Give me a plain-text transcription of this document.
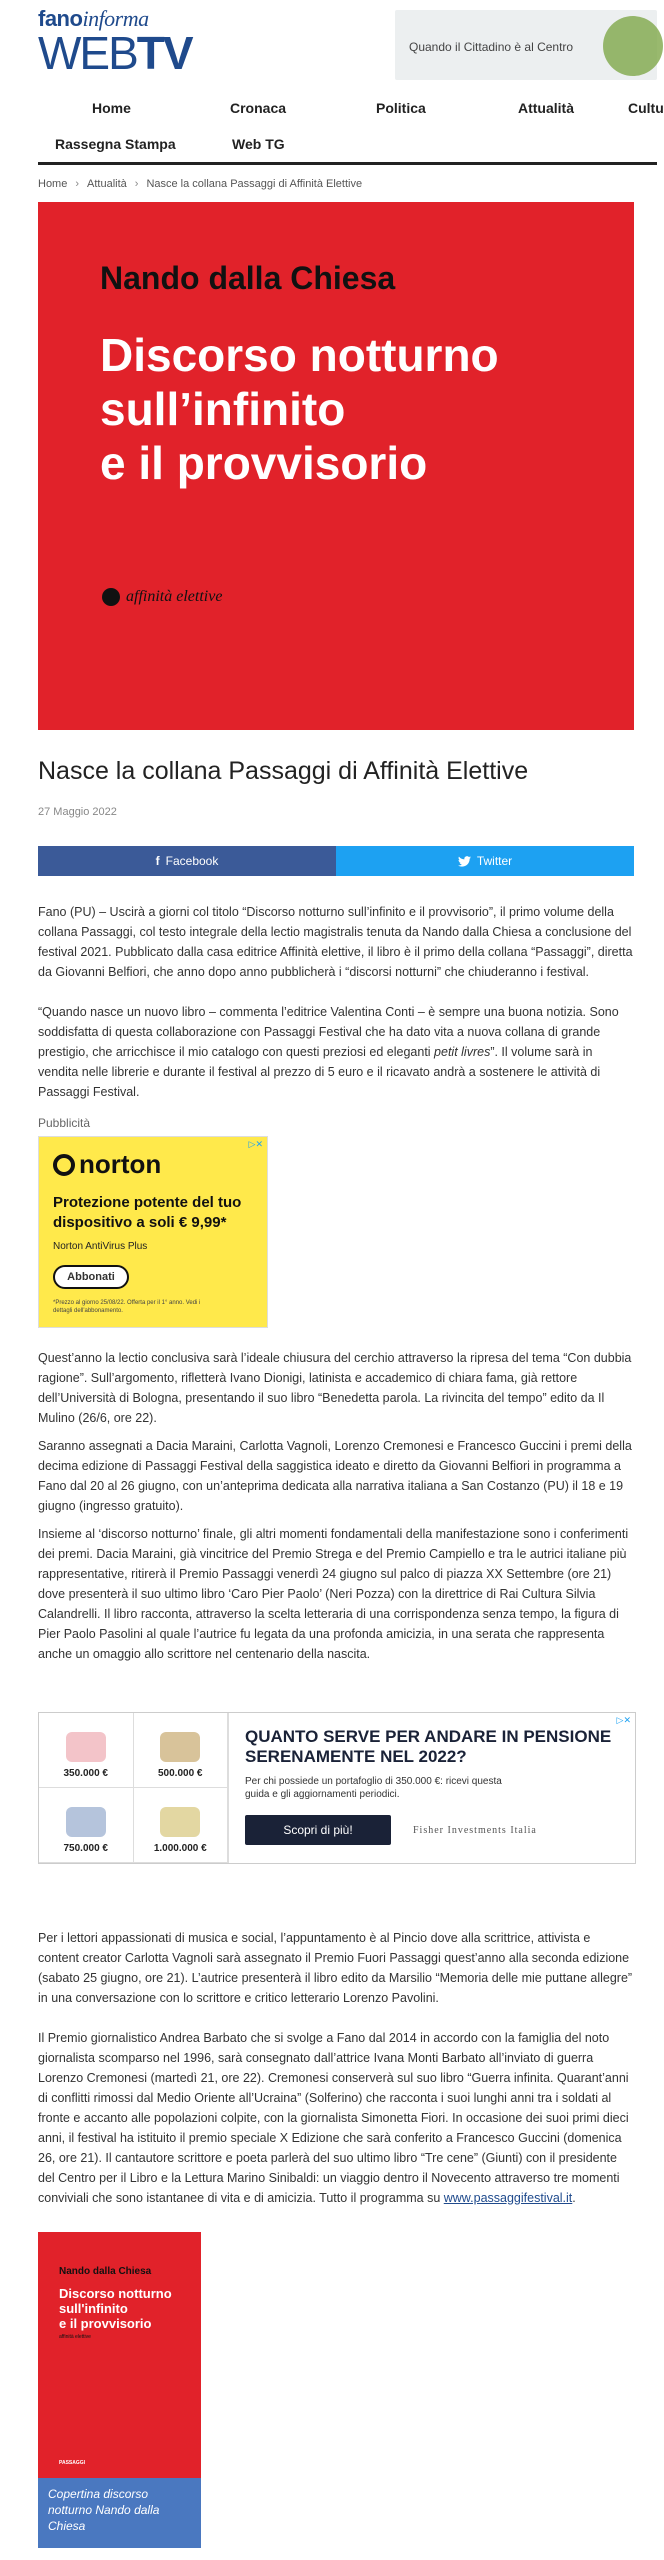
fanoinforma
WEBTV	Quando il Cittadino è al Centro
Home	Cronaca	Politica	Attualità	Cultu
Rassegna Stampa	Web TG
Home › Attualità › Nasce la collana Passaggi di Affinità Elettive
Nando dalla Chiesa
Discorso notturno
sull’infinito
e il provvisorio
affinità elettive
Nasce la collana Passaggi di Affinità Elettive
27 Maggio 2022
f Facebook	Twitter

Fano (PU) – Uscirà a giorni col titolo “Discorso notturno sull’infinito e il provvisorio”, il primo volume della collana Passaggi, col testo integrale della lectio magistralis tenuta da Nando dalla Chiesa a conclusione del festival 2021. Pubblicato dalla casa editrice Affinità elettive, il libro è il primo della collana “Passaggi”, diretta da Giovanni Belfiori, che anno dopo anno pubblicherà i “discorsi notturni” che chiuderanno i festival.

“Quando nasce un nuovo libro – commenta l’editrice Valentina Conti – è sempre una buona notizia. Sono soddisfatta di questa collaborazione con Passaggi Festival che ha dato vita a nuova collana di grande prestigio, che arricchisce il mio catalogo con questi preziosi ed eleganti petit livres”. Il volume sarà in vendita nelle librerie e durante il festival al prezzo di 5 euro e il ricavato andrà a sostenere le attività di Passaggi Festival.

Pubblicità
▷✕
norton
Protezione potente del tuo dispositivo a soli € 9,99*
Norton AntiVirus Plus
Abbonati
*Prezzo al giorno 25/08/22. Offerta per il 1° anno. Vedi i dettagli dell'abbonamento.

Quest’anno la lectio conclusiva sarà l’ideale chiusura del cerchio attraverso la ripresa del tema “Con dubbia ragione”. Sull’argomento, rifletterà Ivano Dionigi, latinista e accademico di chiara fama, già rettore dell’Università di Bologna, presentando il suo libro “Benedetta parola. La rivincita del tempo” edito da Il Mulino (26/6, ore 22).

Saranno assegnati a Dacia Maraini, Carlotta Vagnoli, Lorenzo Cremonesi e Francesco Guccini i premi della decima edizione di Passaggi Festival della saggistica ideato e diretto da Giovanni Belfiori in programma a Fano dal 20 al 26 giugno, con un’anteprima dedicata alla narrativa italiana a San Costanzo (PU) il 18 e 19 giugno (ingresso gratuito).

Insieme al ‘discorso notturno’ finale, gli altri momenti fondamentali della manifestazione sono i conferimenti dei premi. Dacia Maraini, già vincitrice del Premio Strega e del Premio Campiello e tra le autrici italiane più rappresentative, ritirerà il Premio Passaggi venerdì 24 giugno sul palco di piazza XX Settembre (ore 21) dove presenterà il suo ultimo libro ‘Caro Pier Paolo’ (Neri Pozza) con la direttrice di Rai Cultura Silvia Calandrelli. Il libro racconta, attraverso la scelta letteraria di una corrispondenza senza tempo, la figura di Pier Paolo Pasolini al quale l’autrice fu legata da una profonda amicizia, in una serata che rappresenta anche un omaggio allo scrittore nel centenario della nascita.

▷✕
350.000 €	500.000 €
750.000 €	1.000.000 €
QUANTO SERVE PER ANDARE IN PENSIONE SERENAMENTE NEL 2022?
Per chi possiede un portafoglio di 350.000 €: ricevi questa guida e gli aggiornamenti periodici.
Scopri di più!	Fisher Investments Italia

Per i lettori appassionati di musica e social, l’appuntamento è al Pincio dove alla scrittrice, attivista e content creator Carlotta Vagnoli sarà assegnato il Premio Fuori Passaggi quest’anno alla seconda edizione (sabato 25 giugno, ore 21). L’autrice presenterà il libro edito da Marsilio “Memoria delle mie puttane allegre” in una conversazione con lo scrittore e critico letterario Lorenzo Pavolini.

Il Premio giornalistico Andrea Barbato che si svolge a Fano dal 2014 in accordo con la famiglia del noto giornalista scomparso nel 1996, sarà consegnato dall’attrice Ivana Monti Barbato all’inviato di guerra Lorenzo Cremonesi (martedì 21, ore 22). Cremonesi conserverà sul suo libro “Guerra infinita. Quarant’anni di conflitti rimossi dal Medio Oriente all’Ucraina” (Solferino) che racconta i suoi lunghi anni tra i soldati al fronte e accanto alle popolazioni colpite, con la giornalista Simonetta Fiori. In occasione dei suoi primi dieci anni, il festival ha istituito il premio speciale X Edizione che sarà conferito a Francesco Guccini (domenica 26, ore 21). Il cantautore scrittore e poeta parlerà del suo ultimo libro “Tre cene” (Giunti) con il presidente del Centro per il Libro e la Lettura Marino Sinibaldi: un viaggio dentro il Novecento attraverso tre momenti conviviali che sono istantanee di vita e di amicizia. Tutto il programma su www.passaggifestival.it.

Nando dalla Chiesa
Discorso notturno
sull'infinito
e il provvisorio
affinità elettive
PASSAGGI
Copertina discorso notturno Nando dalla Chiesa
